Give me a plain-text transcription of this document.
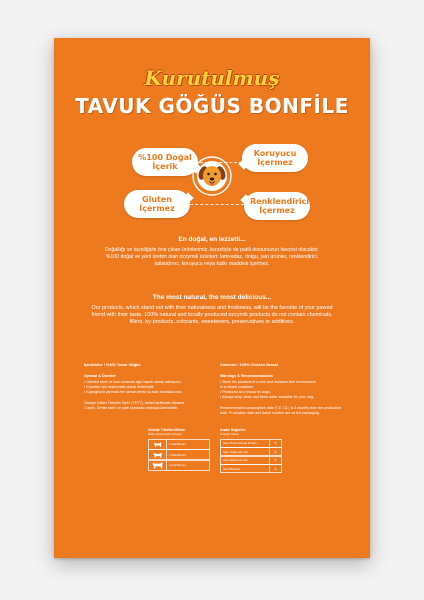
Kurutulmuş
TAVUK GÖĞÜS BONFİLE
%100 Doğal
İçerik
Koruyucu
İçermez
Gluten
İçermez
Renklendirici
İçermez
En doğal, en lezzetli...
Doğallığı ve tazeliğiyle öne çıkan ürünlerimiz, lezzetiyle de patili dostunuzun favorisi olacaktır.
%100 doğal ve yerli üretim olan ozzymik ürünleri; lamvadaz, dolgu, yan ürünler, renklendirici,
tatlandırıcı, koruyucu veya katkı maddesi içermez.
The most natural, the most delicious...
Our products, which stand out with their naturalness and freshness, will be the favorite of your pawed
friend with their taste. 100% natural and locally produced ozzymik products do not contain chemicals,
fillers, by-products, colorants, sweeteners, preservatives or additives.
İçindekiler / %100 Tavuk Göğüs
Uyarılar & Öneriler
• Ürünleri serin ve kuru ortamda ağzı kapalı olarak saklayınız.
• Köpekler için atıştırmalık olarak üretilmiştir.
• Köpeğinizin yanında her zaman temiz su kabı bulundurunuz.
Tavsiye Edilen Tüketim Tarihi (TETT), üretim tarihinden itibaren
3 aydır. Üretim tarihi ve parti numarası ambalaj üzerindedir.
Contents / 100% Chicken Breast
Warnings & Recommendations
• Store the products in a cool and moisture-free environment
in a closed container.
• Produced as a snack for dogs.
• Always keep clean and fresh water available for your dog.
Recommended consumption date (T.E.T.D.) is 3 months from the production
date. Production date and batch number are on the packaging.
Günlük Tüketim Miktarı
Daily Consumption Amount
1 Adet/Pieces
2 Adet/Pieces
3 Adet/Pieces
Analiz Değerleri
Analytic Values
Ham Protein/Crude Protein	%
Ham Yağ/Crude Fat	%
Ham Kül/Crude Ash	%
Nem/Moisture	%
